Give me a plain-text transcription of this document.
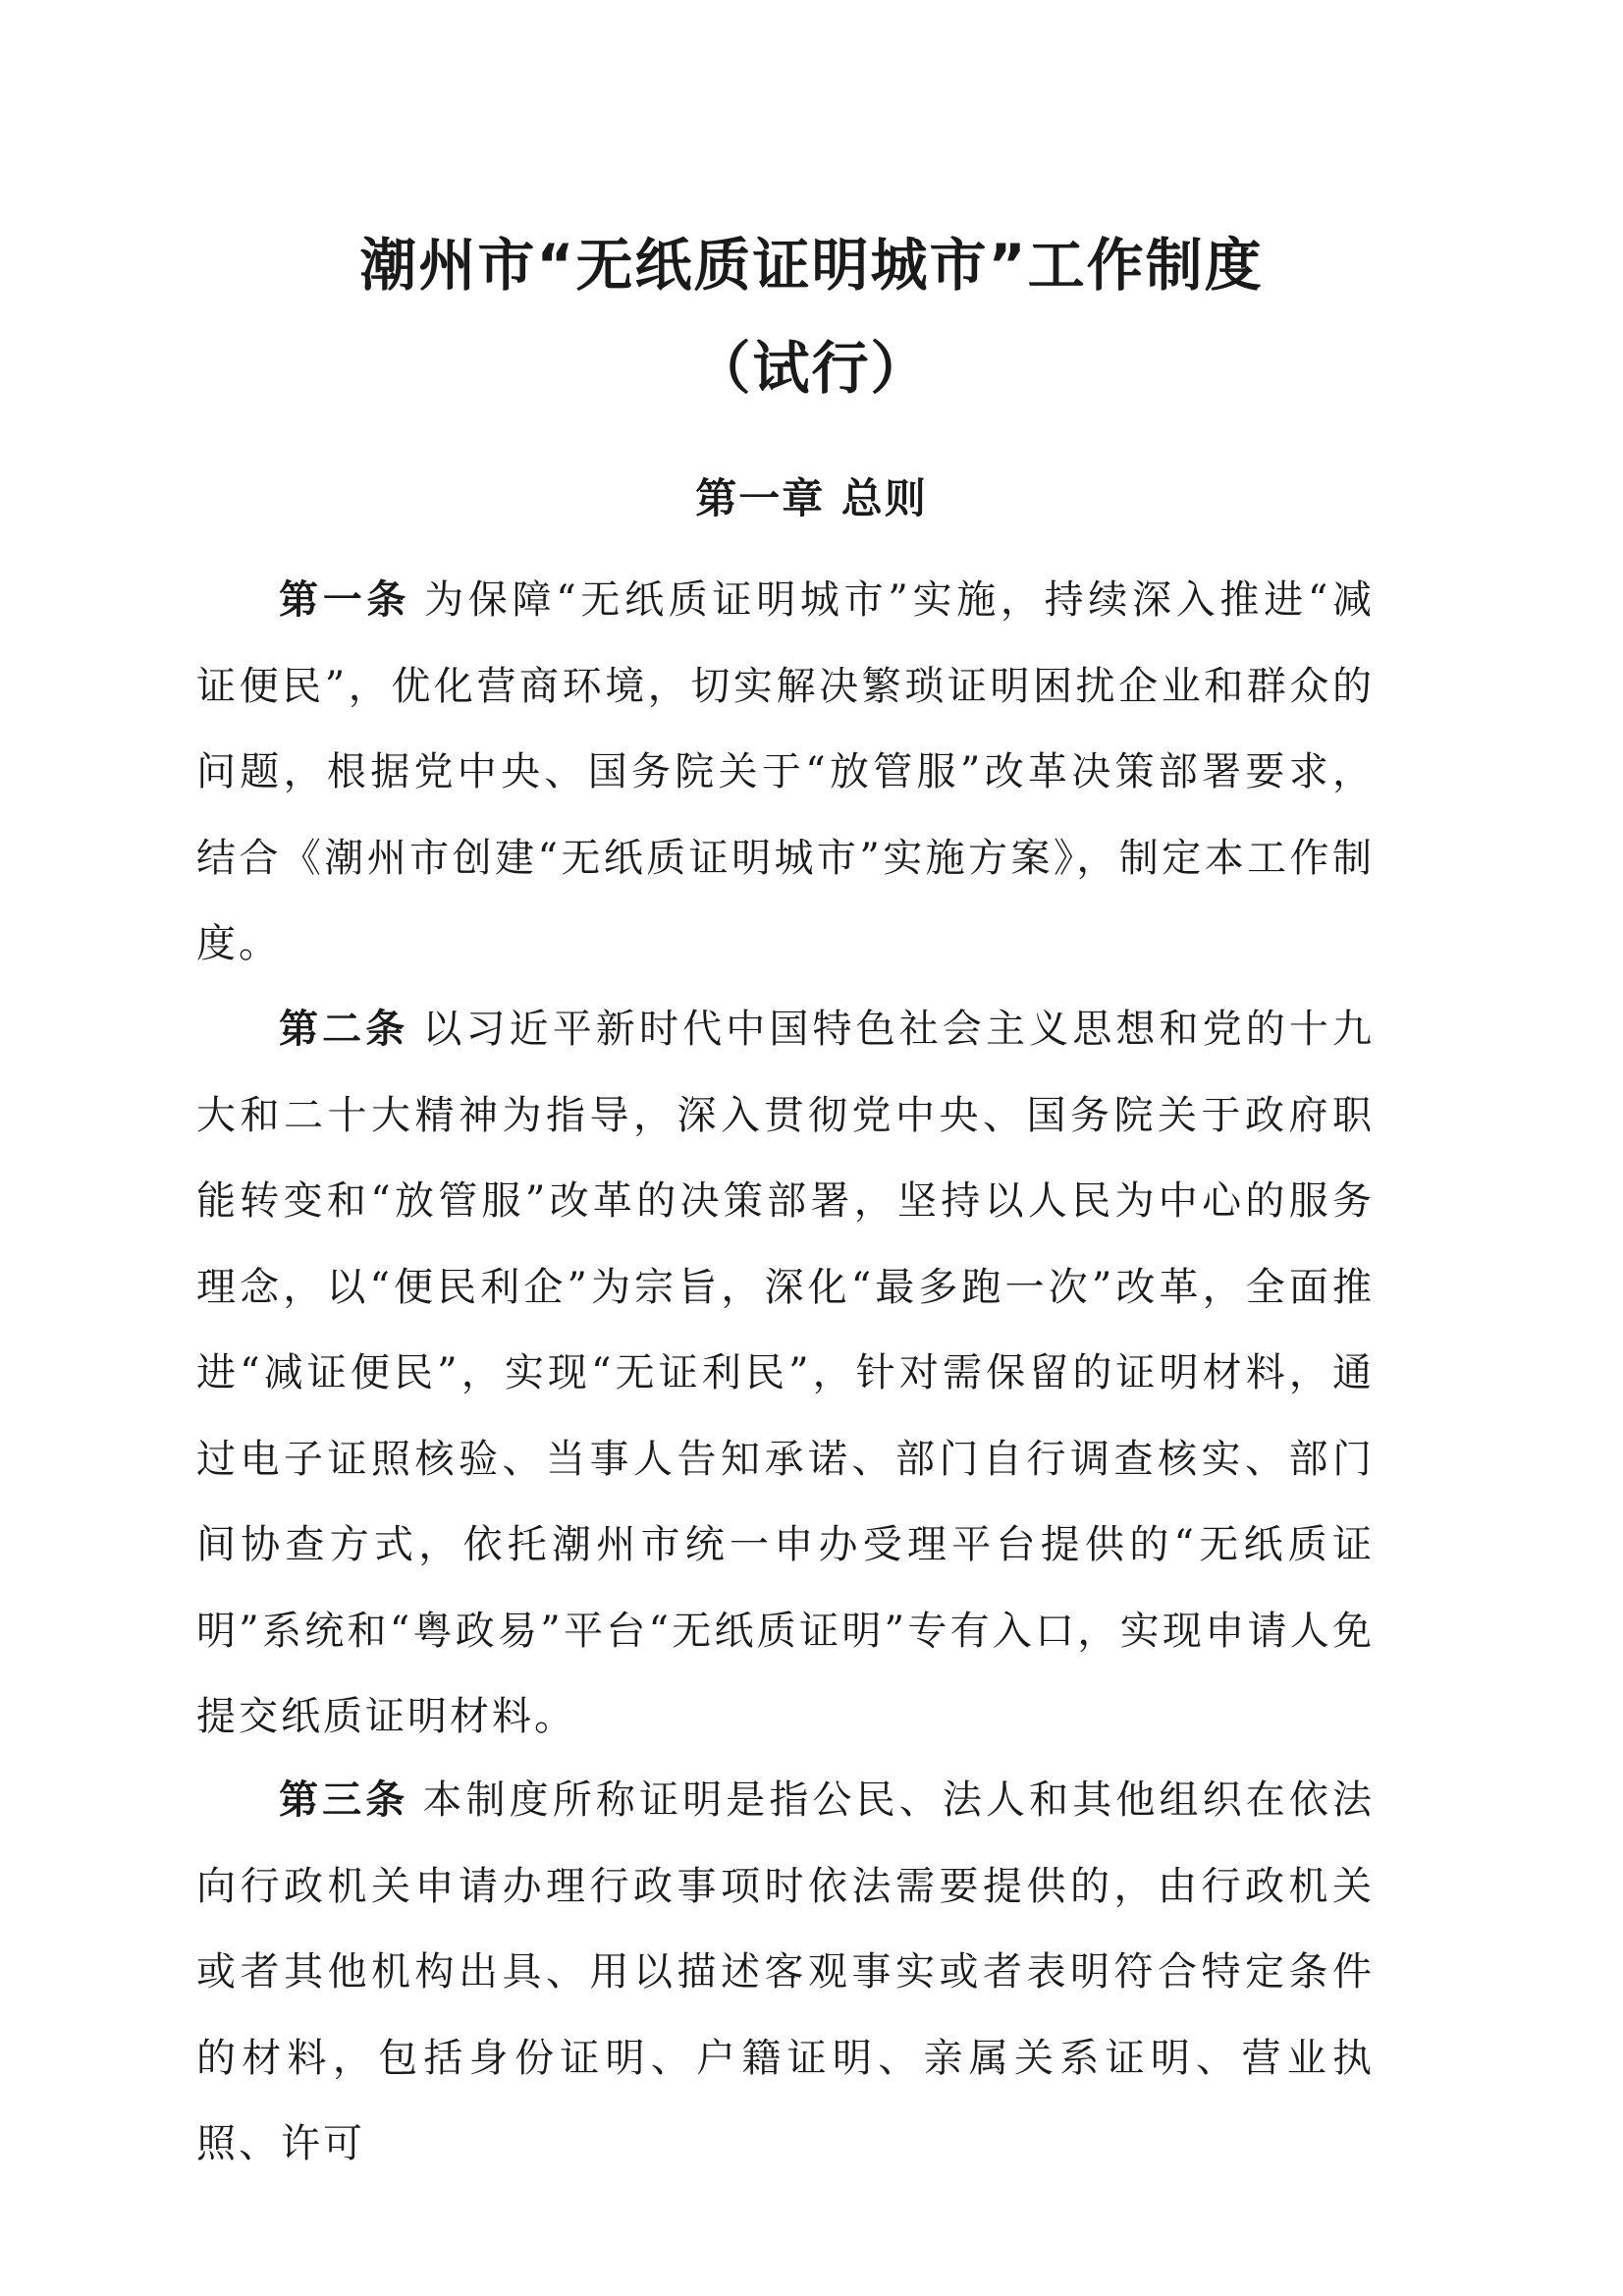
潮州市“无纸质证明城市”工作制度
（试行）
第一章 总则

第一条 为保障“无纸质证明城市”实施，持续深入推进“减证便民”，优化营商环境，切实解决繁琐证明困扰企业和群众的问题，根据党中央、国务院关于“放管服”改革决策部署要求，结合《潮州市创建“无纸质证明城市”实施方案》，制定本工作制度。

第二条 以习近平新时代中国特色社会主义思想和党的十九大和二十大精神为指导，深入贯彻党中央、国务院关于政府职能转变和“放管服”改革的决策部署，坚持以人民为中心的服务理念，以“便民利企”为宗旨，深化“最多跑一次”改革，全面推进“减证便民”，实现“无证利民”，针对需保留的证明材料，通过电子证照核验、当事人告知承诺、部门自行调查核实、部门间协查方式，依托潮州市统一申办受理平台提供的“无纸质证明”系统和“粤政易”平台“无纸质证明”专有入口，实现申请人免提交纸质证明材料。

第三条 本制度所称证明是指公民、法人和其他组织在依法向行政机关申请办理行政事项时依法需要提供的，由行政机关或者其他机构出具、用以描述客观事实或者表明符合特定条件的材料，包括身份证明、户籍证明、亲属关系证明、营业执照、许可
